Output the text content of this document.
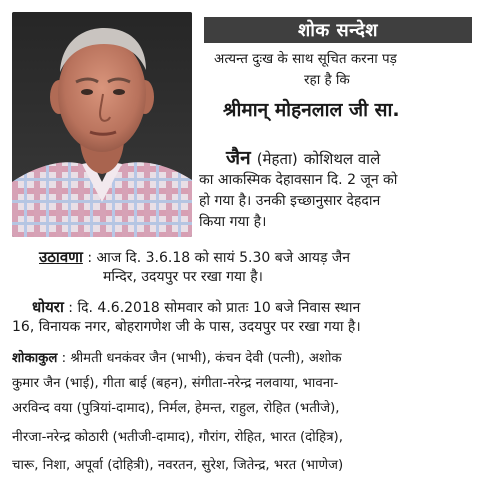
शोक सन्देश
अत्यन्त दुःख के साथ सूचित करना पड़
रहा है कि
श्रीमान् मोहनलाल जी सा.
जैन (मेहता) कोशिथल वाले
का आकस्मिक देहावसान दि. 2 जून को
हो गया है। उनकी इच्छानुसार देहदान
किया गया है।
उठावणा : आज दि. 3.6.18 को सायं 5.30 बजे आयड़ जैन
मन्दिर, उदयपुर पर रखा गया है।
धोयरा : दि. 4.6.2018 सोमवार को प्रातः 10 बजे निवास स्थान
16, विनायक नगर, बोहरागणेश जी के पास, उदयपुर पर रखा गया है।
शोकाकुल : श्रीमती धनकंवर जैन (भाभी), कंचन देवी (पत्नी), अशोक
कुमार जैन (भाई), गीता बाई (बहन), संगीता-नरेन्द्र नलवाया, भावना-
अरविन्द वया (पुत्रियां-दामाद), निर्मल, हेमन्त, राहुल, रोहित (भतीजे),
नीरजा-नरेन्द्र कोठारी (भतीजी-दामाद), गौरांग, रोहित, भारत (दोहित्र),
चारू, निशा, अपूर्वा (दोहित्री), नवरतन, सुरेश, जितेन्द्र, भरत (भाणेज)
